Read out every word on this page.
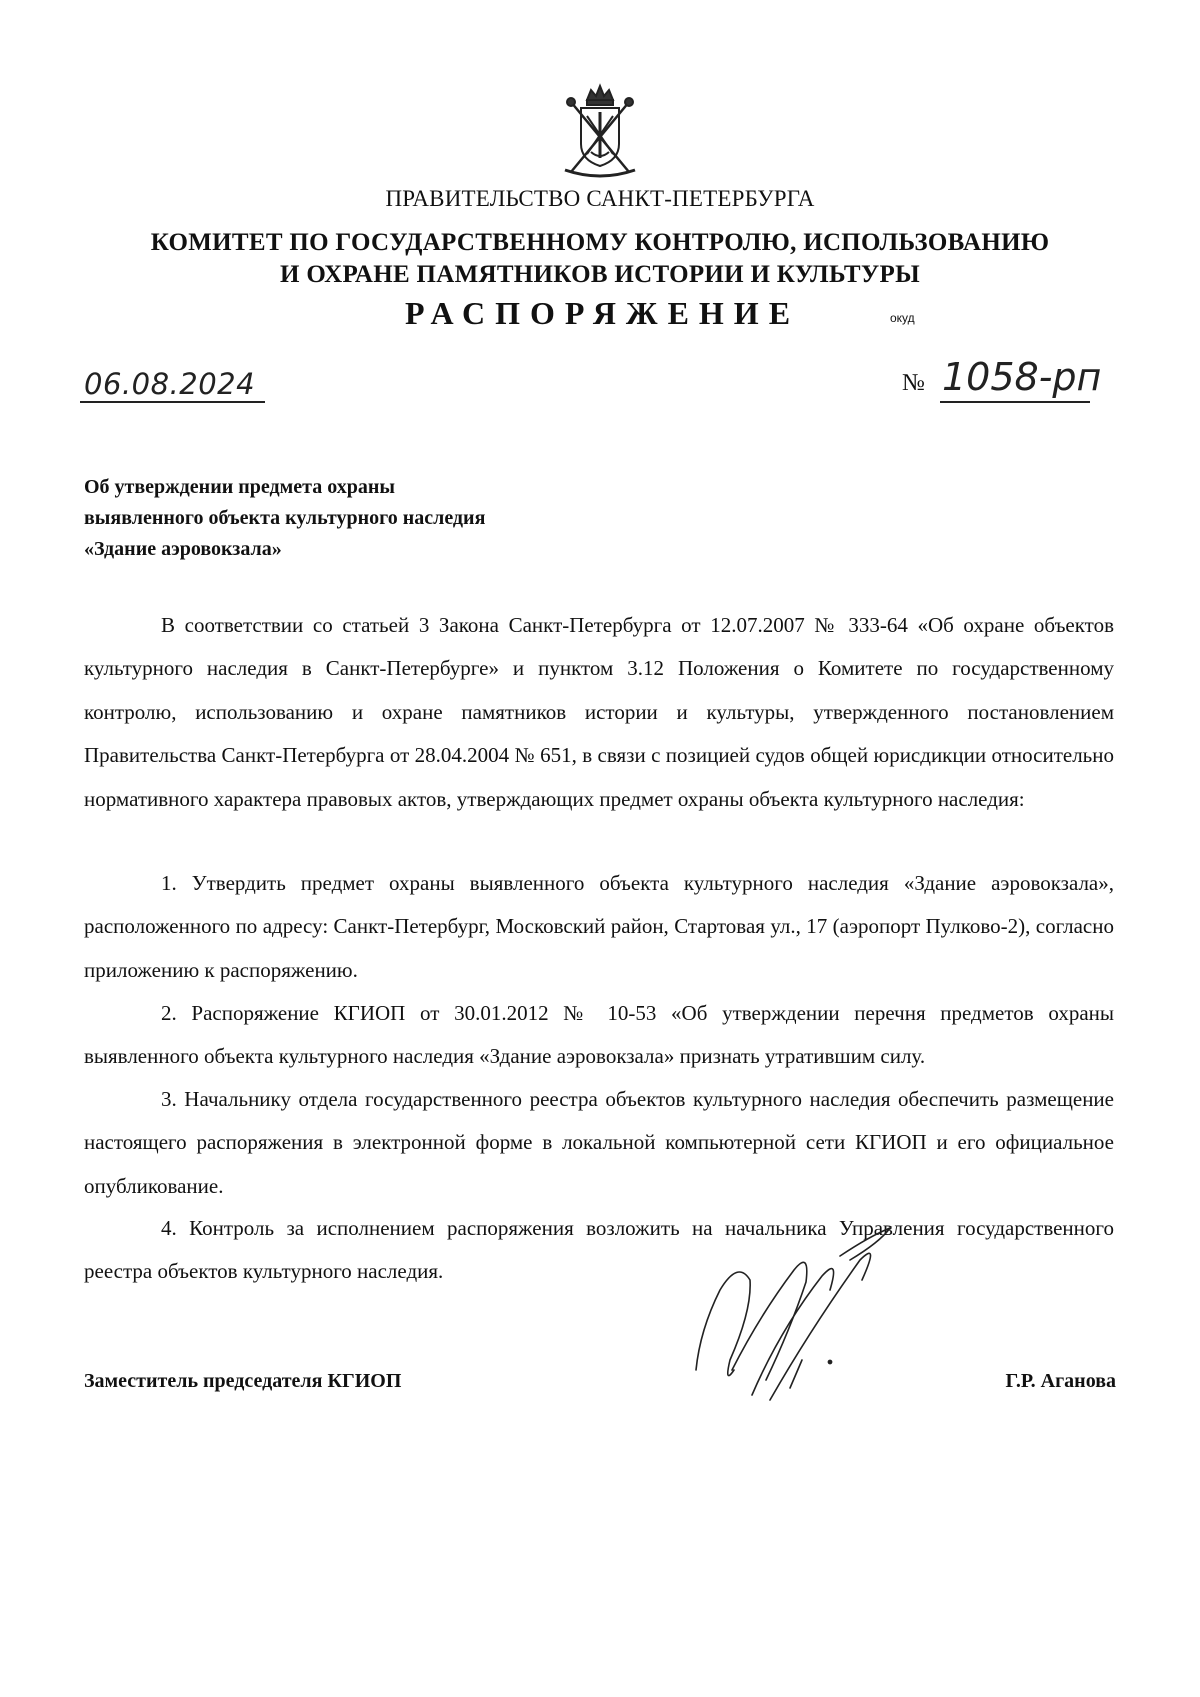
ПРАВИТЕЛЬСТВО САНКТ-ПЕТЕРБУРГА
КОМИТЕТ ПО ГОСУДАРСТВЕННОМУ КОНТРОЛЮ, ИСПОЛЬЗОВАНИЮ
И ОХРАНЕ ПАМЯТНИКОВ ИСТОРИИ И КУЛЬТУРЫ
РАСПОРЯЖЕНИЕ	окуд
06.08.2024	№ 1058-рп
Об утверждении предмета охраны
выявленного объекта культурного наследия
«Здание аэровокзала»

В соответствии со статьей 3 Закона Санкт-Петербурга от 12.07.2007 № 333-64 «Об охране объектов культурного наследия в Санкт-Петербурге» и пунктом 3.12 Положения о Комитете по государственному контролю, использованию и охране памятников истории и культуры, утвержденного постановлением Правительства Санкт-Петербурга от 28.04.2004 № 651, в связи с позицией судов общей юрисдикции относительно нормативного характера правовых актов, утверждающих предмет охраны объекта культурного наследия:

1. Утвердить предмет охраны выявленного объекта культурного наследия «Здание аэровокзала», расположенного по адресу: Санкт-Петербург, Московский район, Стартовая ул., 17 (аэропорт Пулково-2), согласно приложению к распоряжению.

2. Распоряжение КГИОП от 30.01.2012 № 10-53 «Об утверждении перечня предметов охраны выявленного объекта культурного наследия «Здание аэровокзала» признать утратившим силу.

3. Начальнику отдела государственного реестра объектов культурного наследия обеспечить размещение настоящего распоряжения в электронной форме в локальной компьютерной сети КГИОП и его официальное опубликование.

4. Контроль за исполнением распоряжения возложить на начальника Управления государственного реестра объектов культурного наследия.

Заместитель председателя КГИОП	Г.Р. Аганова
